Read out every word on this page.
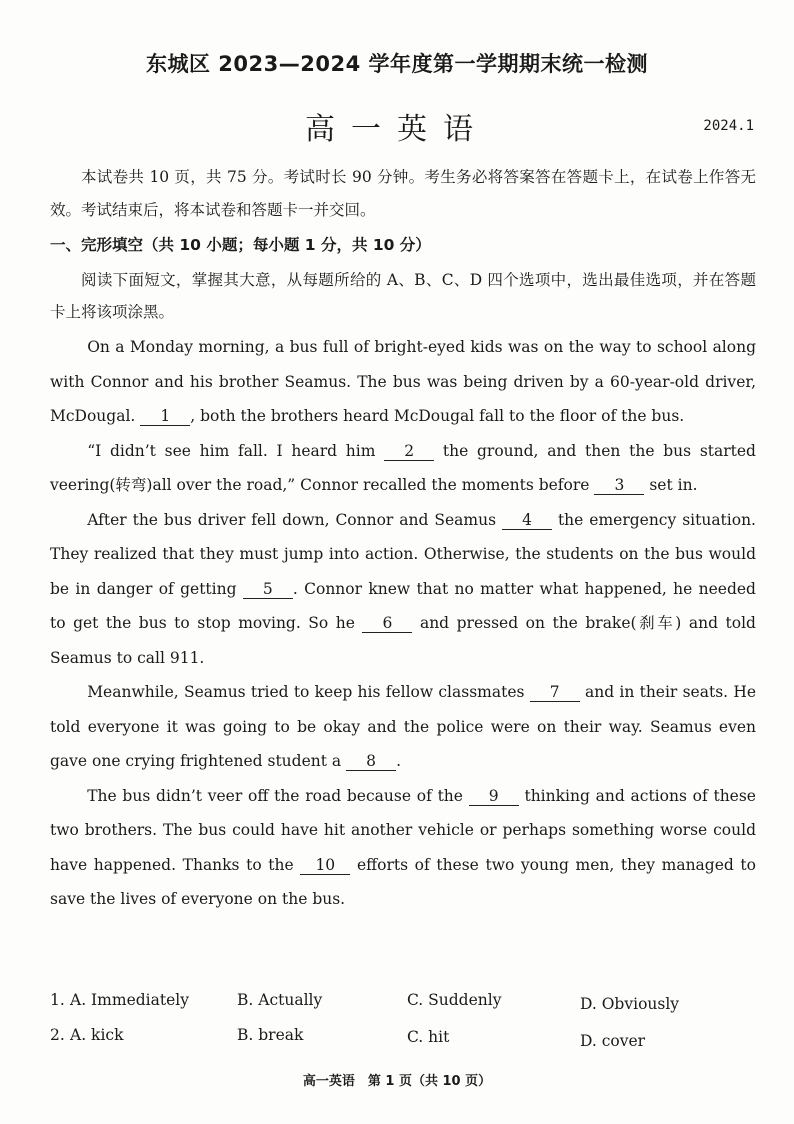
东城区 2023—2024 学年度第一学期期末统一检测
高一英语	2024.1
本试卷共 10 页，共 75 分。考试时长 90 分钟。考生务必将答案答在答题卡上，在试卷上作答无效。考试结束后，将本试卷和答题卡一并交回。
一、完形填空（共 10 小题；每小题 1 分，共 10 分）
阅读下面短文，掌握其大意，从每题所给的 A、B、C、D 四个选项中，选出最佳选项，并在答题卡上将该项涂黑。

On a Monday morning, a bus full of bright-eyed kids was on the way to school along with Connor and his brother Seamus. The bus was being driven by a 60-year-old driver, McDougal. 1 , both the brothers heard McDougal fall to the floor of the bus.

“I didn’t see him fall. I heard him 2 the ground, and then the bus started veering(转弯)all over the road,” Connor recalled the moments before 3 set in.

After the bus driver fell down, Connor and Seamus 4 the emergency situation. They realized that they must jump into action. Otherwise, the students on the bus would be in danger of getting 5 . Connor knew that no matter what happened, he needed to get the bus to stop moving. So he 6 and pressed on the brake(刹车) and told Seamus to call 911.

Meanwhile, Seamus tried to keep his fellow classmates 7 and in their seats. He told everyone it was going to be okay and the police were on their way. Seamus even gave one crying frightened student a 8 .

The bus didn’t veer off the road because of the 9 thinking and actions of these two brothers. The bus could have hit another vehicle or perhaps something worse could have happened. Thanks to the 10 efforts of these two young men, they managed to save the lives of everyone on the bus.

1. A. Immediately	B. Actually	C. Suddenly	D. Obviously
2. A. kick	B. break	C. hit	D. cover
高一英语　第 1 页（共 10 页）
